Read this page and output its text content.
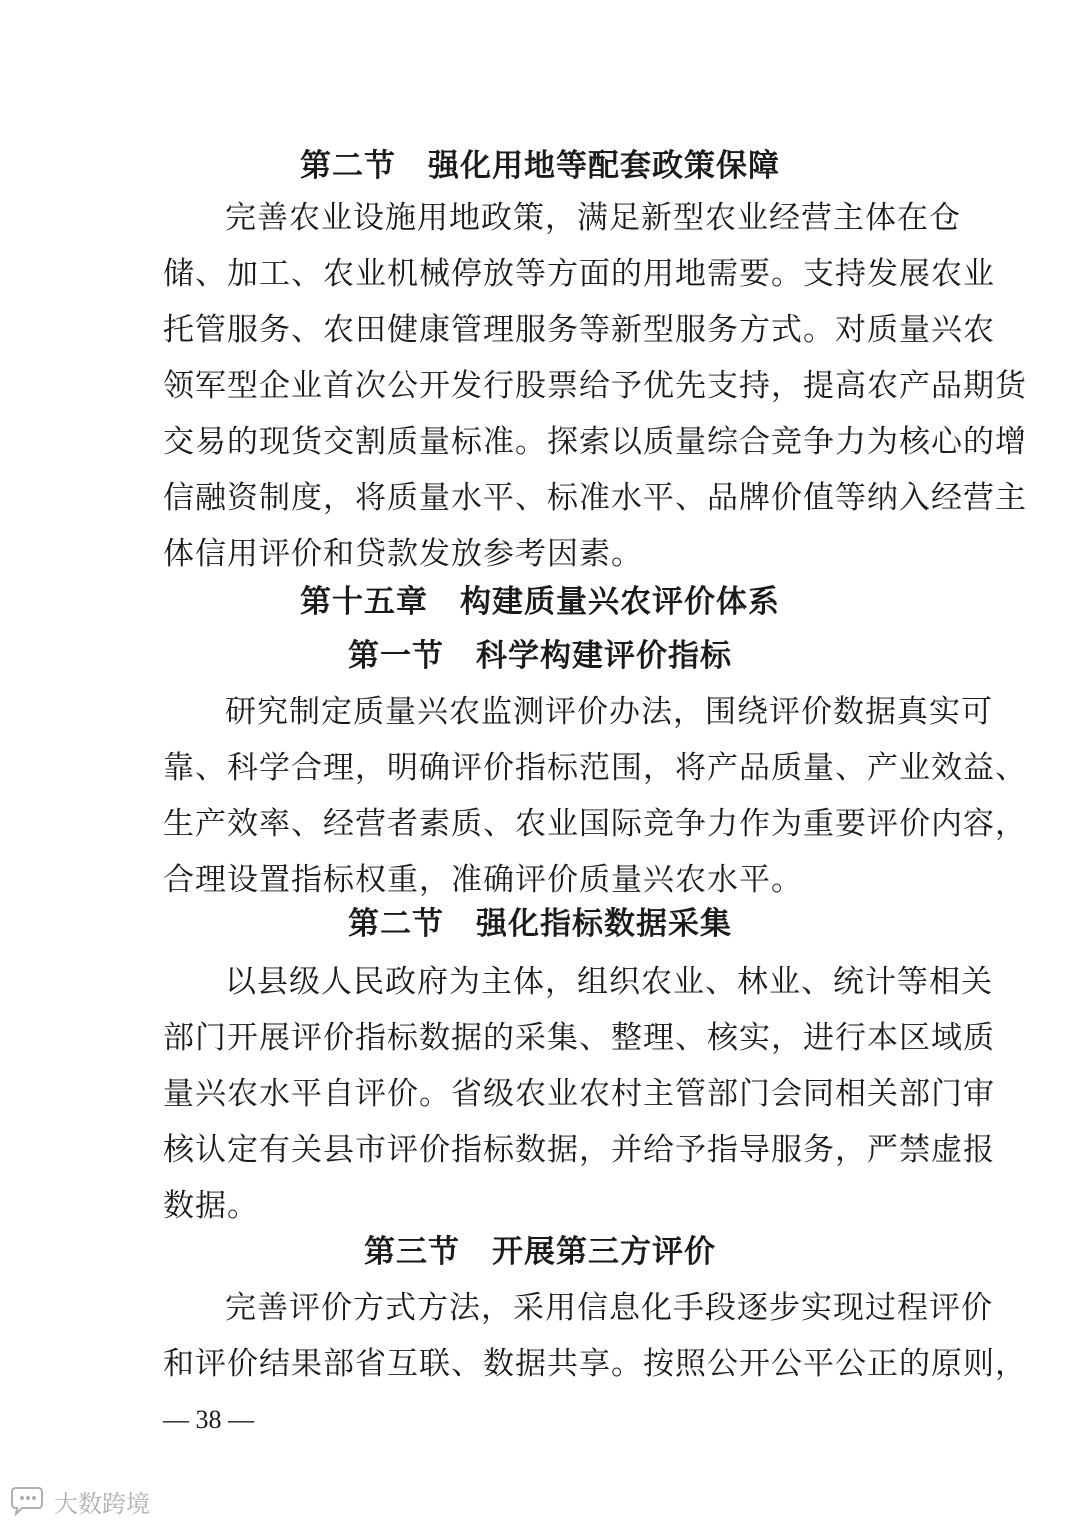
第二节　强化用地等配套政策保障
完善农业设施用地政策，满足新型农业经营主体在仓
储、加工、农业机械停放等方面的用地需要。支持发展农业
托管服务、农田健康管理服务等新型服务方式。对质量兴农
领军型企业首次公开发行股票给予优先支持，提高农产品期货
交易的现货交割质量标准。探索以质量综合竞争力为核心的增
信融资制度，将质量水平、标准水平、品牌价值等纳入经营主
体信用评价和贷款发放参考因素。
第十五章　构建质量兴农评价体系
第一节　科学构建评价指标
研究制定质量兴农监测评价办法，围绕评价数据真实可
靠、科学合理，明确评价指标范围，将产品质量、产业效益、
生产效率、经营者素质、农业国际竞争力作为重要评价内容，
合理设置指标权重，准确评价质量兴农水平。
第二节　强化指标数据采集
以县级人民政府为主体，组织农业、林业、统计等相关
部门开展评价指标数据的采集、整理、核实，进行本区域质
量兴农水平自评价。省级农业农村主管部门会同相关部门审
核认定有关县市评价指标数据，并给予指导服务，严禁虚报
数据。
第三节　开展第三方评价
完善评价方式方法，采用信息化手段逐步实现过程评价
和评价结果部省互联、数据共享。按照公开公平公正的原则，
— 38 —
大数跨境
